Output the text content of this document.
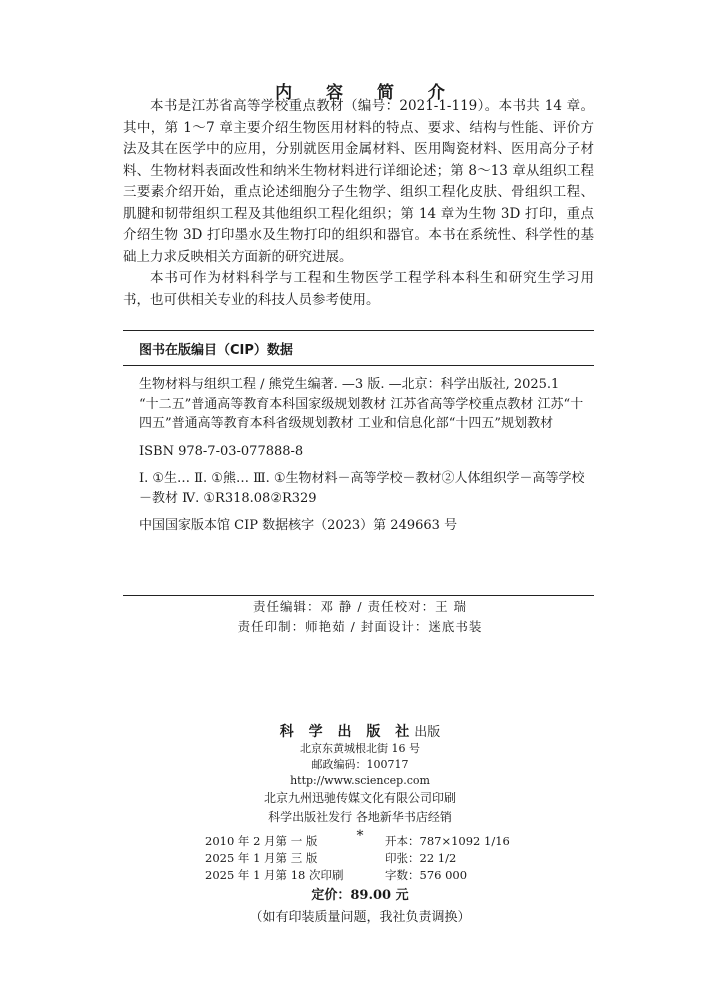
内 容 简 介

本书是江苏省高等学校重点教材（编号：2021-1-119）。本书共 14 章。其中，第 1～7 章主要介绍生物医用材料的特点、要求、结构与性能、评价方法及其在医学中的应用，分别就医用金属材料、医用陶瓷材料、医用高分子材料、生物材料表面改性和纳米生物材料进行详细论述；第 8～13 章从组织工程三要素介绍开始，重点论述细胞分子生物学、组织工程化皮肤、骨组织工程、肌腱和韧带组织工程及其他组织工程化组织；第 14 章为生物 3D 打印，重点介绍生物 3D 打印墨水及生物打印的组织和器官。本书在系统性、科学性的基础上力求反映相关方面新的研究进展。

本书可作为材料科学与工程和生物医学工程学科本科生和研究生学习用书，也可供相关专业的科技人员参考使用。

图书在版编目（CIP）数据
生物材料与组织工程 / 熊党生编著. —3 版. —北京：科学出版社, 2025.1
“十二五”普通高等教育本科国家级规划教材 江苏省高等学校重点教材 江苏“十四五”普通高等教育本科省级规划教材 工业和信息化部“十四五”规划教材
ISBN 978-7-03-077888-8
Ⅰ. ①生… Ⅱ. ①熊… Ⅲ. ①生物材料－高等学校－教材②人体组织学－高等学校－教材 Ⅳ. ①R318.08②R329
中国国家版本馆 CIP 数据核字（2023）第 249663 号
责任编辑：邓 静 / 责任校对：王 瑞
责任印制：师艳茹 / 封面设计：迷底书装
科 学 出 版 社出版
北京东黄城根北街 16 号
邮政编码：100717
http://www.sciencep.com
北京九州迅驰传媒文化有限公司印刷
科学出版社发行 各地新华书店经销
*
2010 年 2 月第 一 版	开本：787×1092 1/16
2025 年 1 月第 三 版	印张：22 1/2
2025 年 1 月第 18 次印刷	字数：576 000
定价：89.00 元
（如有印装质量问题，我社负责调换）
